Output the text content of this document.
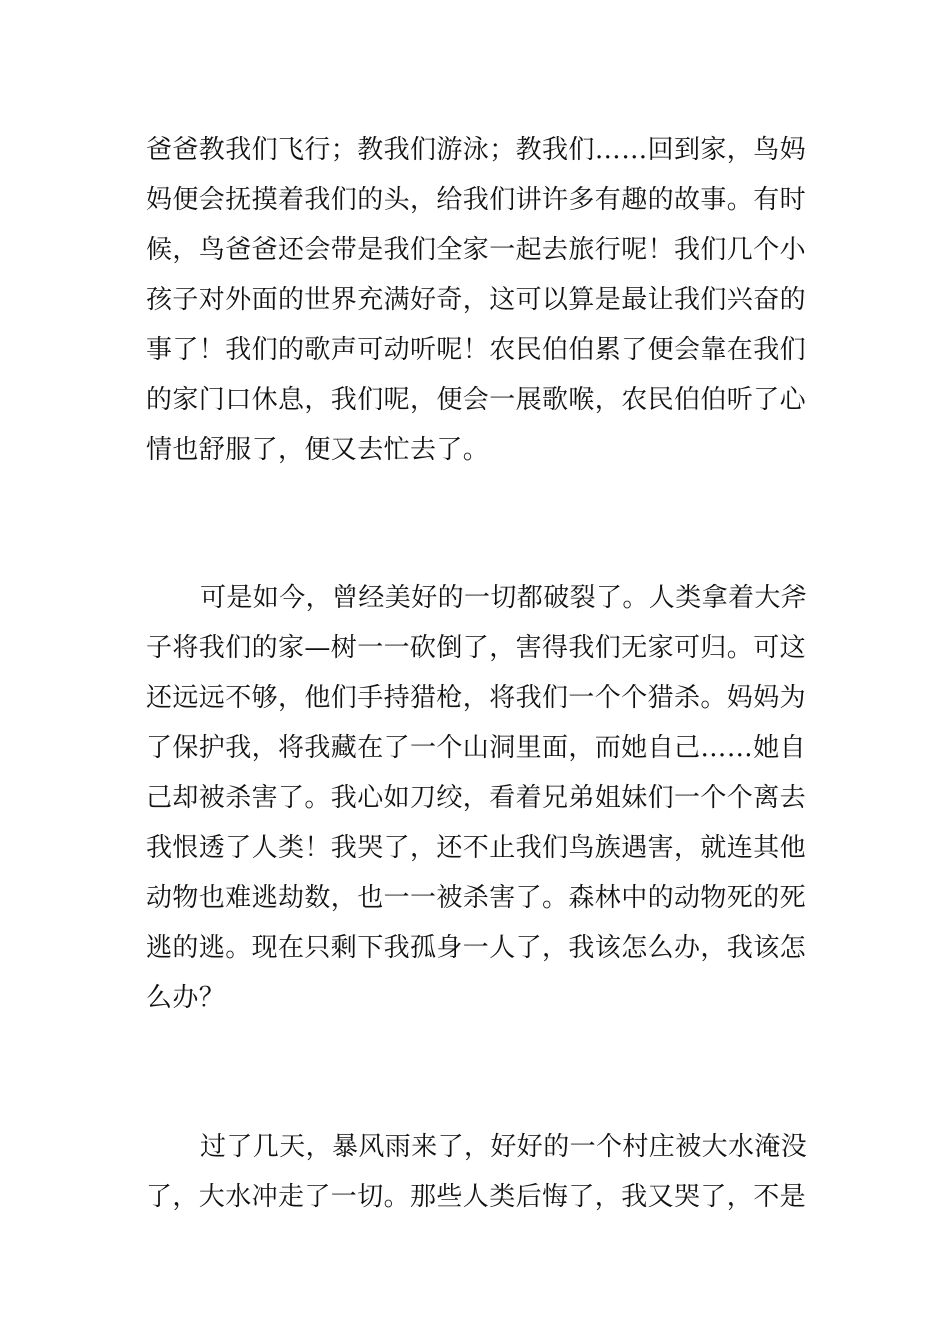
爸爸教我们飞行；教我们游泳；教我们……回到家，鸟妈
妈便会抚摸着我们的头，给我们讲许多有趣的故事。有时
候，鸟爸爸还会带是我们全家一起去旅行呢！我们几个小
孩子对外面的世界充满好奇，这可以算是最让我们兴奋的
事了！我们的歌声可动听呢！农民伯伯累了便会靠在我们
的家门口休息，我们呢，便会一展歌喉，农民伯伯听了心
情也舒服了，便又去忙去了。
可是如今，曾经美好的一切都破裂了。人类拿着大斧
子将我们的家—树一一砍倒了，害得我们无家可归。可这
还远远不够，他们手持猎枪，将我们一个个猎杀。妈妈为
了保护我，将我藏在了一个山洞里面，而她自己……她自
己却被杀害了。我心如刀绞，看着兄弟姐妹们一个个离去
我恨透了人类！我哭了，还不止我们鸟族遇害，就连其他
动物也难逃劫数，也一一被杀害了。森林中的动物死的死
逃的逃。现在只剩下我孤身一人了，我该怎么办，我该怎
么办？
过了几天，暴风雨来了，好好的一个村庄被大水淹没
了，大水冲走了一切。那些人类后悔了，我又哭了，不是
